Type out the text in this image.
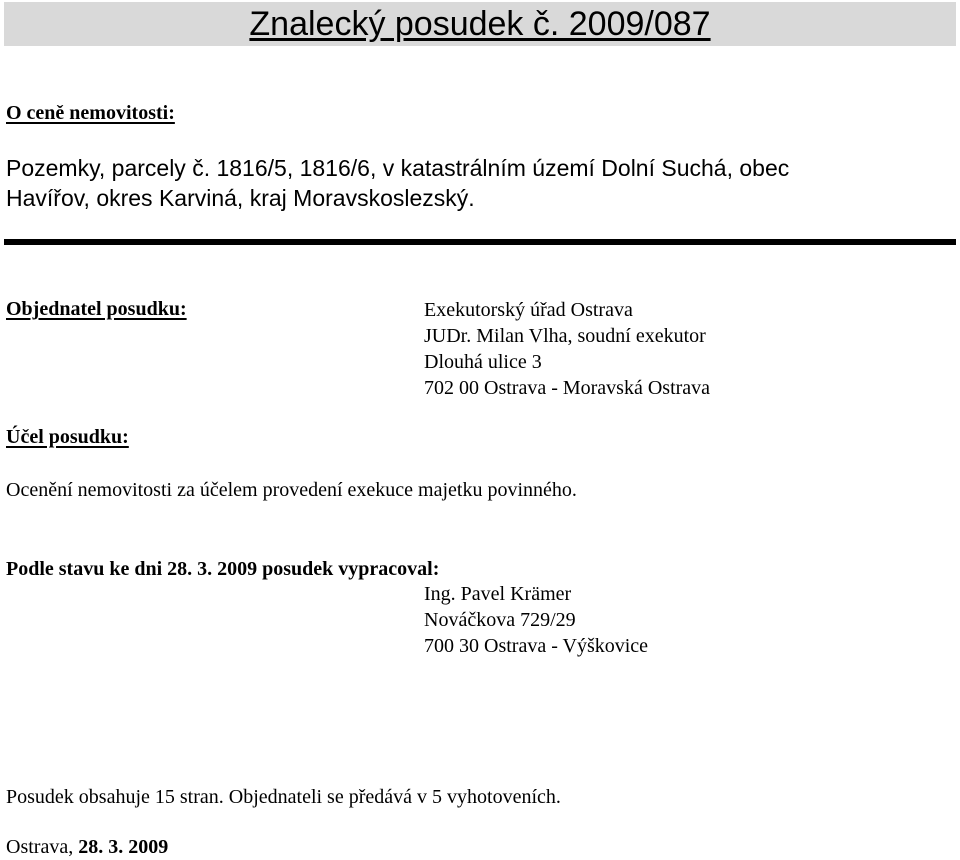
Znalecký posudek č. 2009/087
O ceně nemovitosti:
Pozemky, parcely č. 1816/5, 1816/6, v katastrálním území Dolní Suchá, obec
Havířov, okres Karviná, kraj Moravskoslezský.
Objednatel posudku:	Exekutorský úřad Ostrava
JUDr. Milan Vlha, soudní exekutor
Dlouhá ulice 3
702 00 Ostrava - Moravská Ostrava
Účel posudku:
Ocenění nemovitosti za účelem provedení exekuce majetku povinného.
Podle stavu ke dni 28. 3. 2009 posudek vypracoval:
Ing. Pavel Krämer
Nováčkova 729/29
700 30 Ostrava - Výškovice
Posudek obsahuje 15 stran. Objednateli se předává v 5 vyhotoveních.
Ostrava, 28. 3. 2009
